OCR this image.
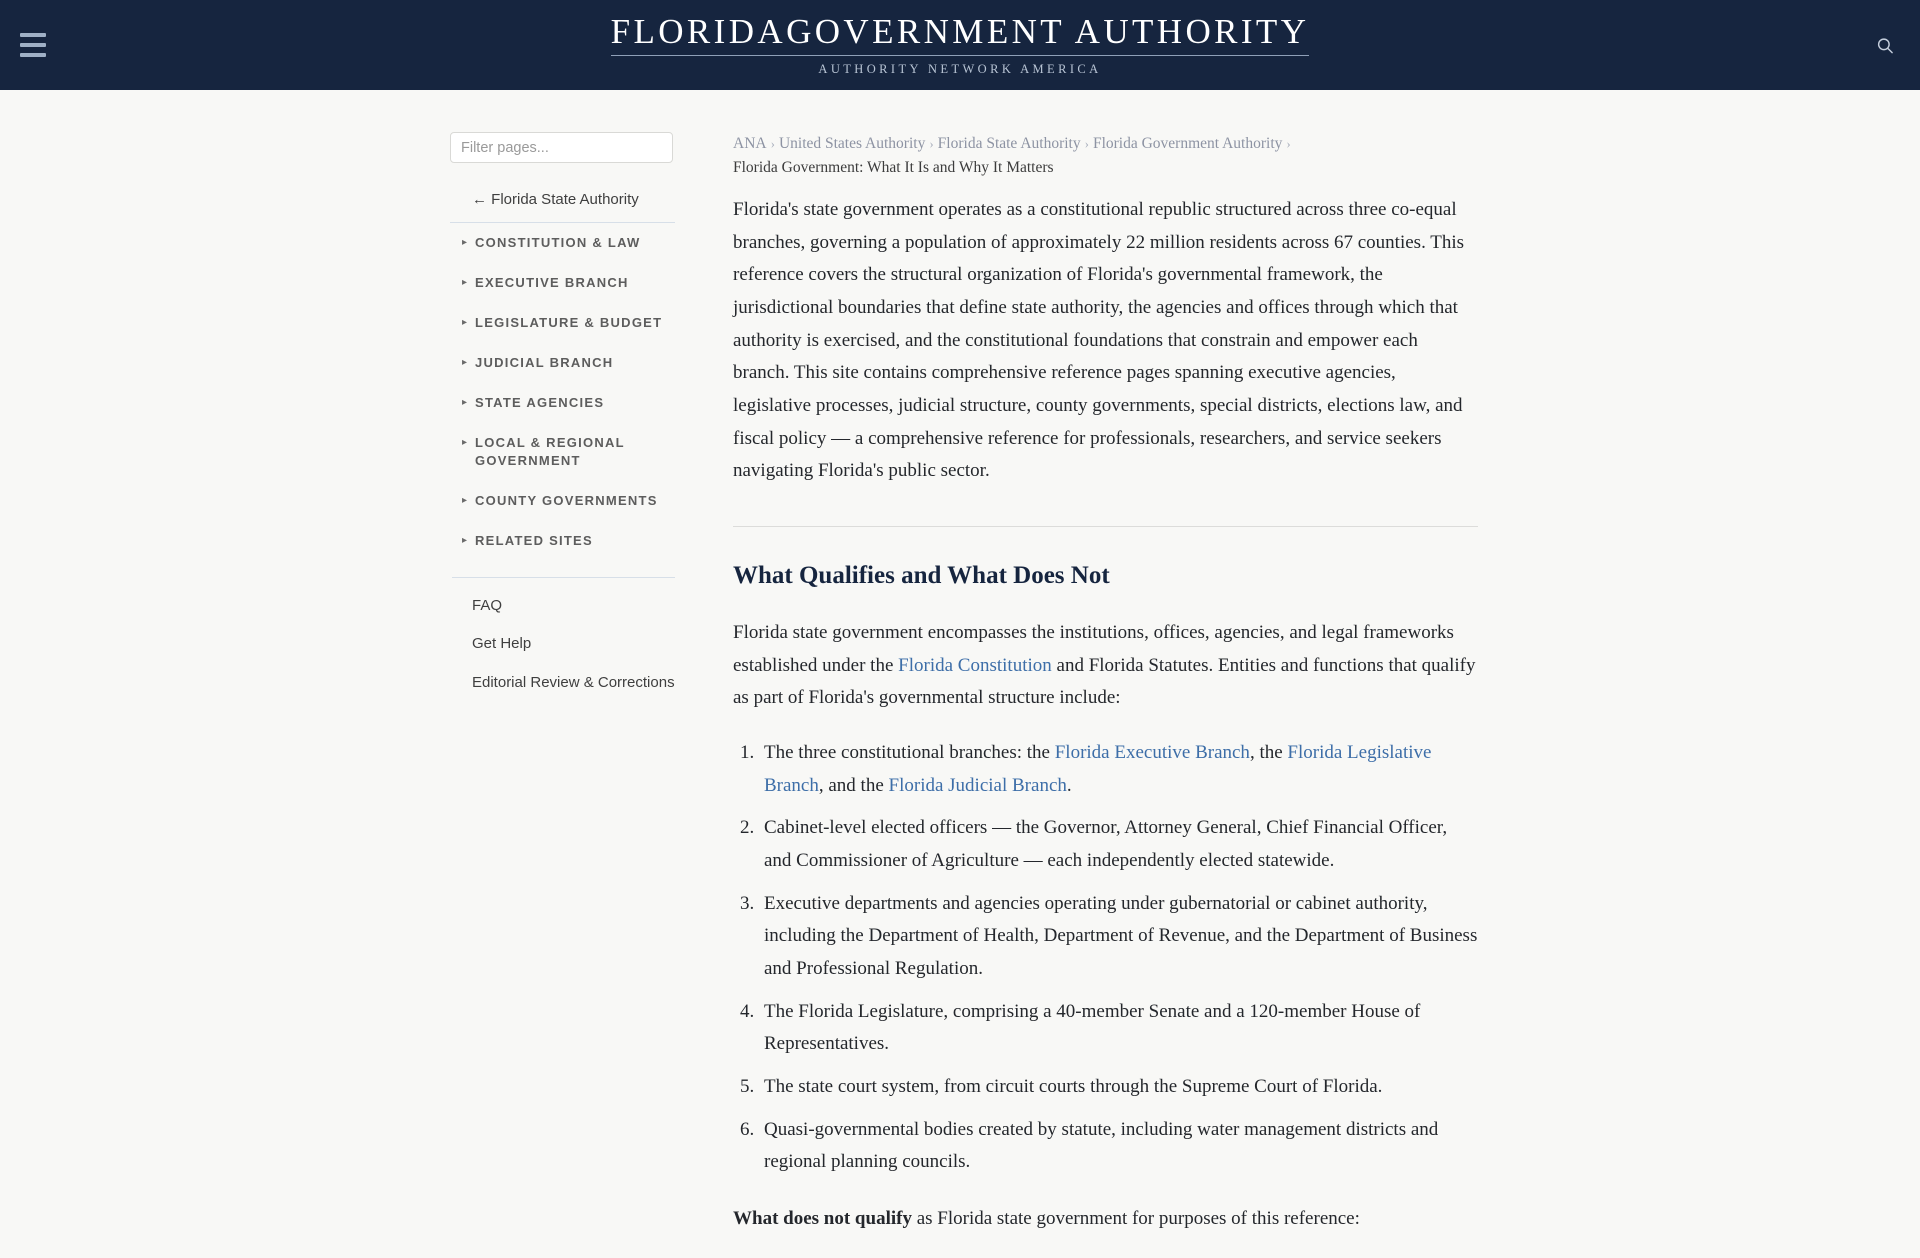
FLORIDAGOVERNMENT AUTHORITY
AUTHORITY NETWORK AMERICA
Filter pages...
← Florida State Authority
▸ CONSTITUTION & LAW
▸ EXECUTIVE BRANCH
▸ LEGISLATURE & BUDGET
▸ JUDICIAL BRANCH
▸ STATE AGENCIES
▸ LOCAL & REGIONAL GOVERNMENT
▸ COUNTY GOVERNMENTS
▸ RELATED SITES
FAQ
Get Help
Editorial Review & Corrections
ANA › United States Authority › Florida State Authority › Florida Government Authority ›
Florida Government: What It Is and Why It Matters

Florida's state government operates as a constitutional republic structured across three co-equal branches, governing a population of approximately 22 million residents across 67 counties. This reference covers the structural organization of Florida's governmental framework, the jurisdictional boundaries that define state authority, the agencies and offices through which that authority is exercised, and the constitutional foundations that constrain and empower each branch. This site contains comprehensive reference pages spanning executive agencies, legislative processes, judicial structure, county governments, special districts, elections law, and fiscal policy — a comprehensive reference for professionals, researchers, and service seekers navigating Florida's public sector.

What Qualifies and What Does Not

Florida state government encompasses the institutions, offices, agencies, and legal frameworks established under the Florida Constitution and Florida Statutes. Entities and functions that qualify as part of Florida's governmental structure include:

1. The three constitutional branches: the Florida Executive Branch, the Florida Legislative Branch, and the Florida Judicial Branch.
2. Cabinet-level elected officers — the Governor, Attorney General, Chief Financial Officer, and Commissioner of Agriculture — each independently elected statewide.
3. Executive departments and agencies operating under gubernatorial or cabinet authority, including the Department of Health, Department of Revenue, and the Department of Business and Professional Regulation.
4. The Florida Legislature, comprising a 40-member Senate and a 120-member House of Representatives.
5. The state court system, from circuit courts through the Supreme Court of Florida.
6. Quasi-governmental bodies created by statute, including water management districts and regional planning councils.

What does not qualify as Florida state government for purposes of this reference:
